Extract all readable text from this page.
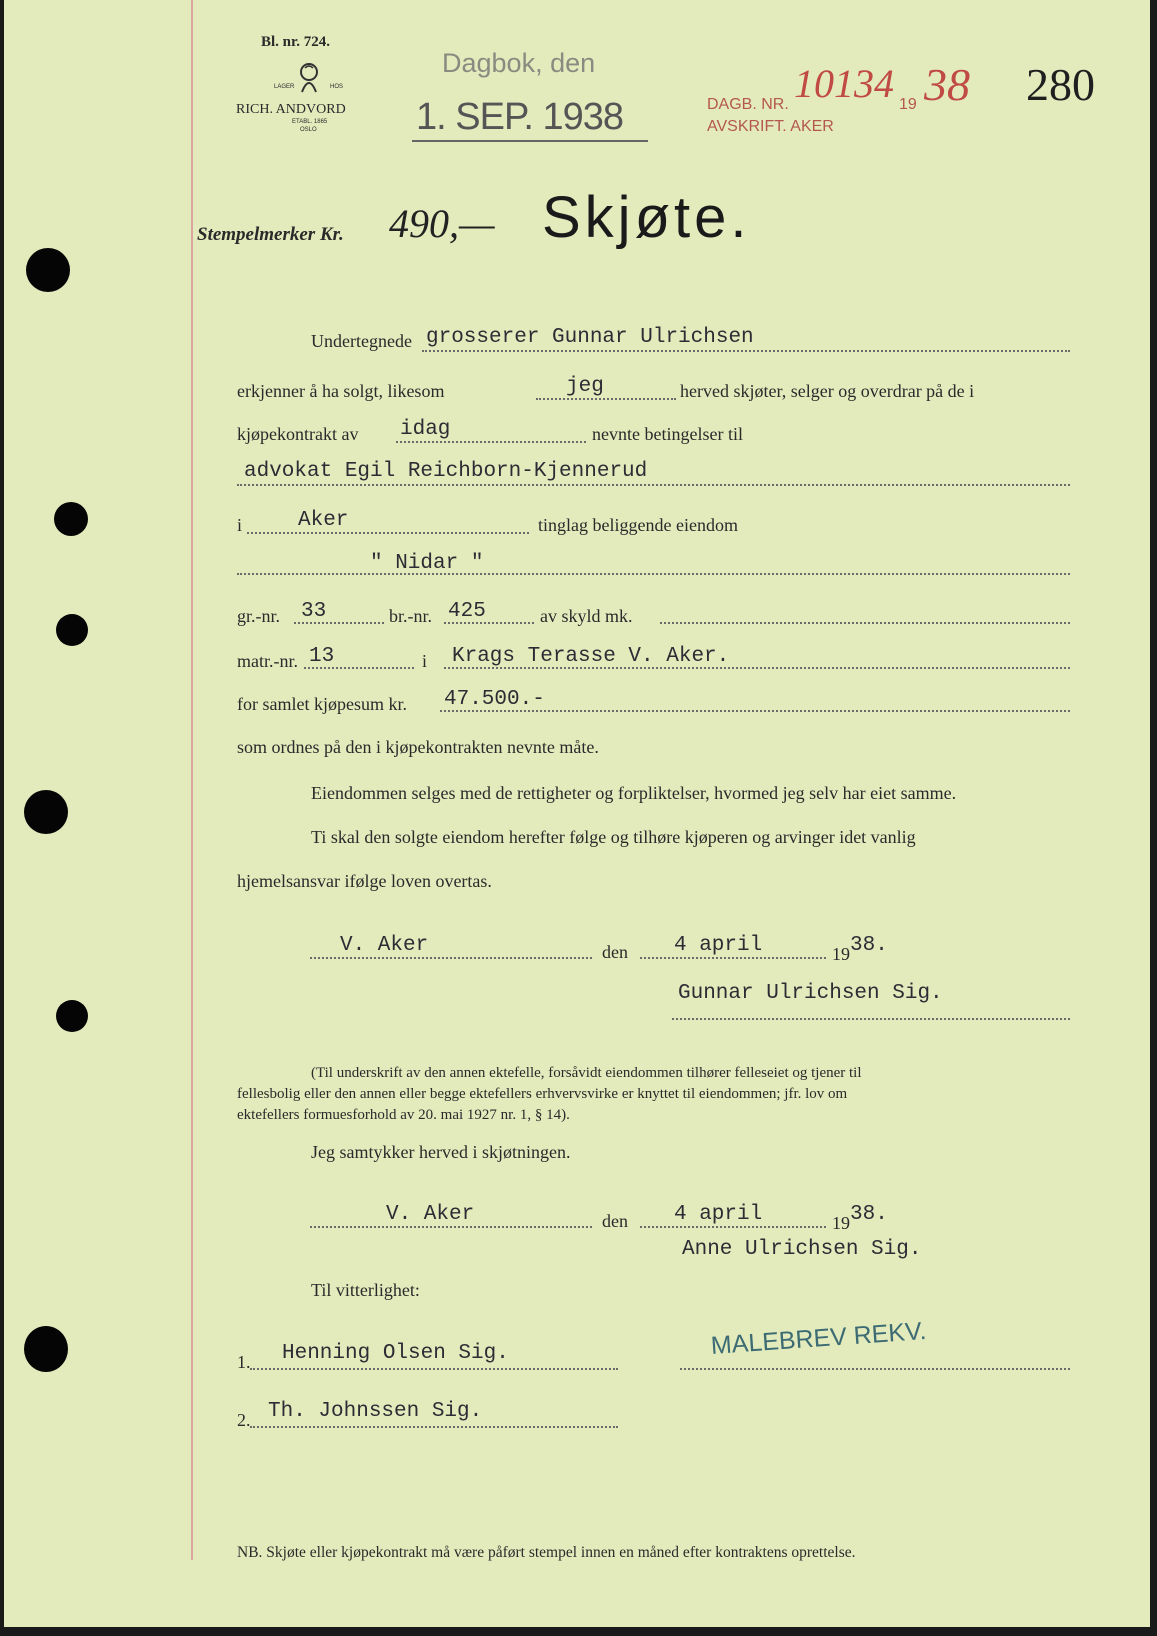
Bl. nr. 724.
LAGER	HOS
RICH. ANDVORD
ETABL. 1865
OSLO
Dagbok, den
1. SEP. 1938	DAGB. NR. 10134 19 38
AVSKRIFT. AKER
280
Stempelmerker Kr. 490,— Skjøte.
Undertegnede grosserer Gunnar Ulrichsen
erkjenner å ha solgt, likesom	jeg	herved skjøter, selger og overdrar på de i
kjøpekontrakt av idag	nevnte betingelser til
advokat Egil Reichborn-Kjennerud
i	Aker	tinglag beliggende eiendom
" Nidar "
gr.-nr. 33	br.-nr. 425	av skyld mk.
matr.-nr. 13	i Krags Terasse V. Aker.
for samlet kjøpesum kr. 47.500.-
som ordnes på den i kjøpekontrakten nevnte måte.
Eiendommen selges med de rettigheter og forpliktelser, hvormed jeg selv har eiet samme.
Ti skal den solgte eiendom herefter følge og tilhøre kjøperen og arvinger idet vanlig
hjemelsansvar ifølge loven overtas.
V. Aker	den 4 april	19 38.
Gunnar Ulrichsen Sig.
(Til underskrift av den annen ektefelle, forsåvidt eiendommen tilhører felleseiet og tjener til
fellesbolig eller den annen eller begge ektefellers erhvervsvirke er knyttet til eiendommen; jfr. lov om
ektefellers formuesforhold av 20. mai 1927 nr. 1, § 14).
Jeg samtykker herved i skjøtningen.
V. Aker	den 4 april	19 38.
Anne Ulrichsen Sig.
Til vitterlighet:
1. Henning Olsen Sig.	MALEBREV REKV.
2. Th. Johnssen Sig.
NB. Skjøte eller kjøpekontrakt må være påført stempel innen en måned efter kontraktens oprettelse.
